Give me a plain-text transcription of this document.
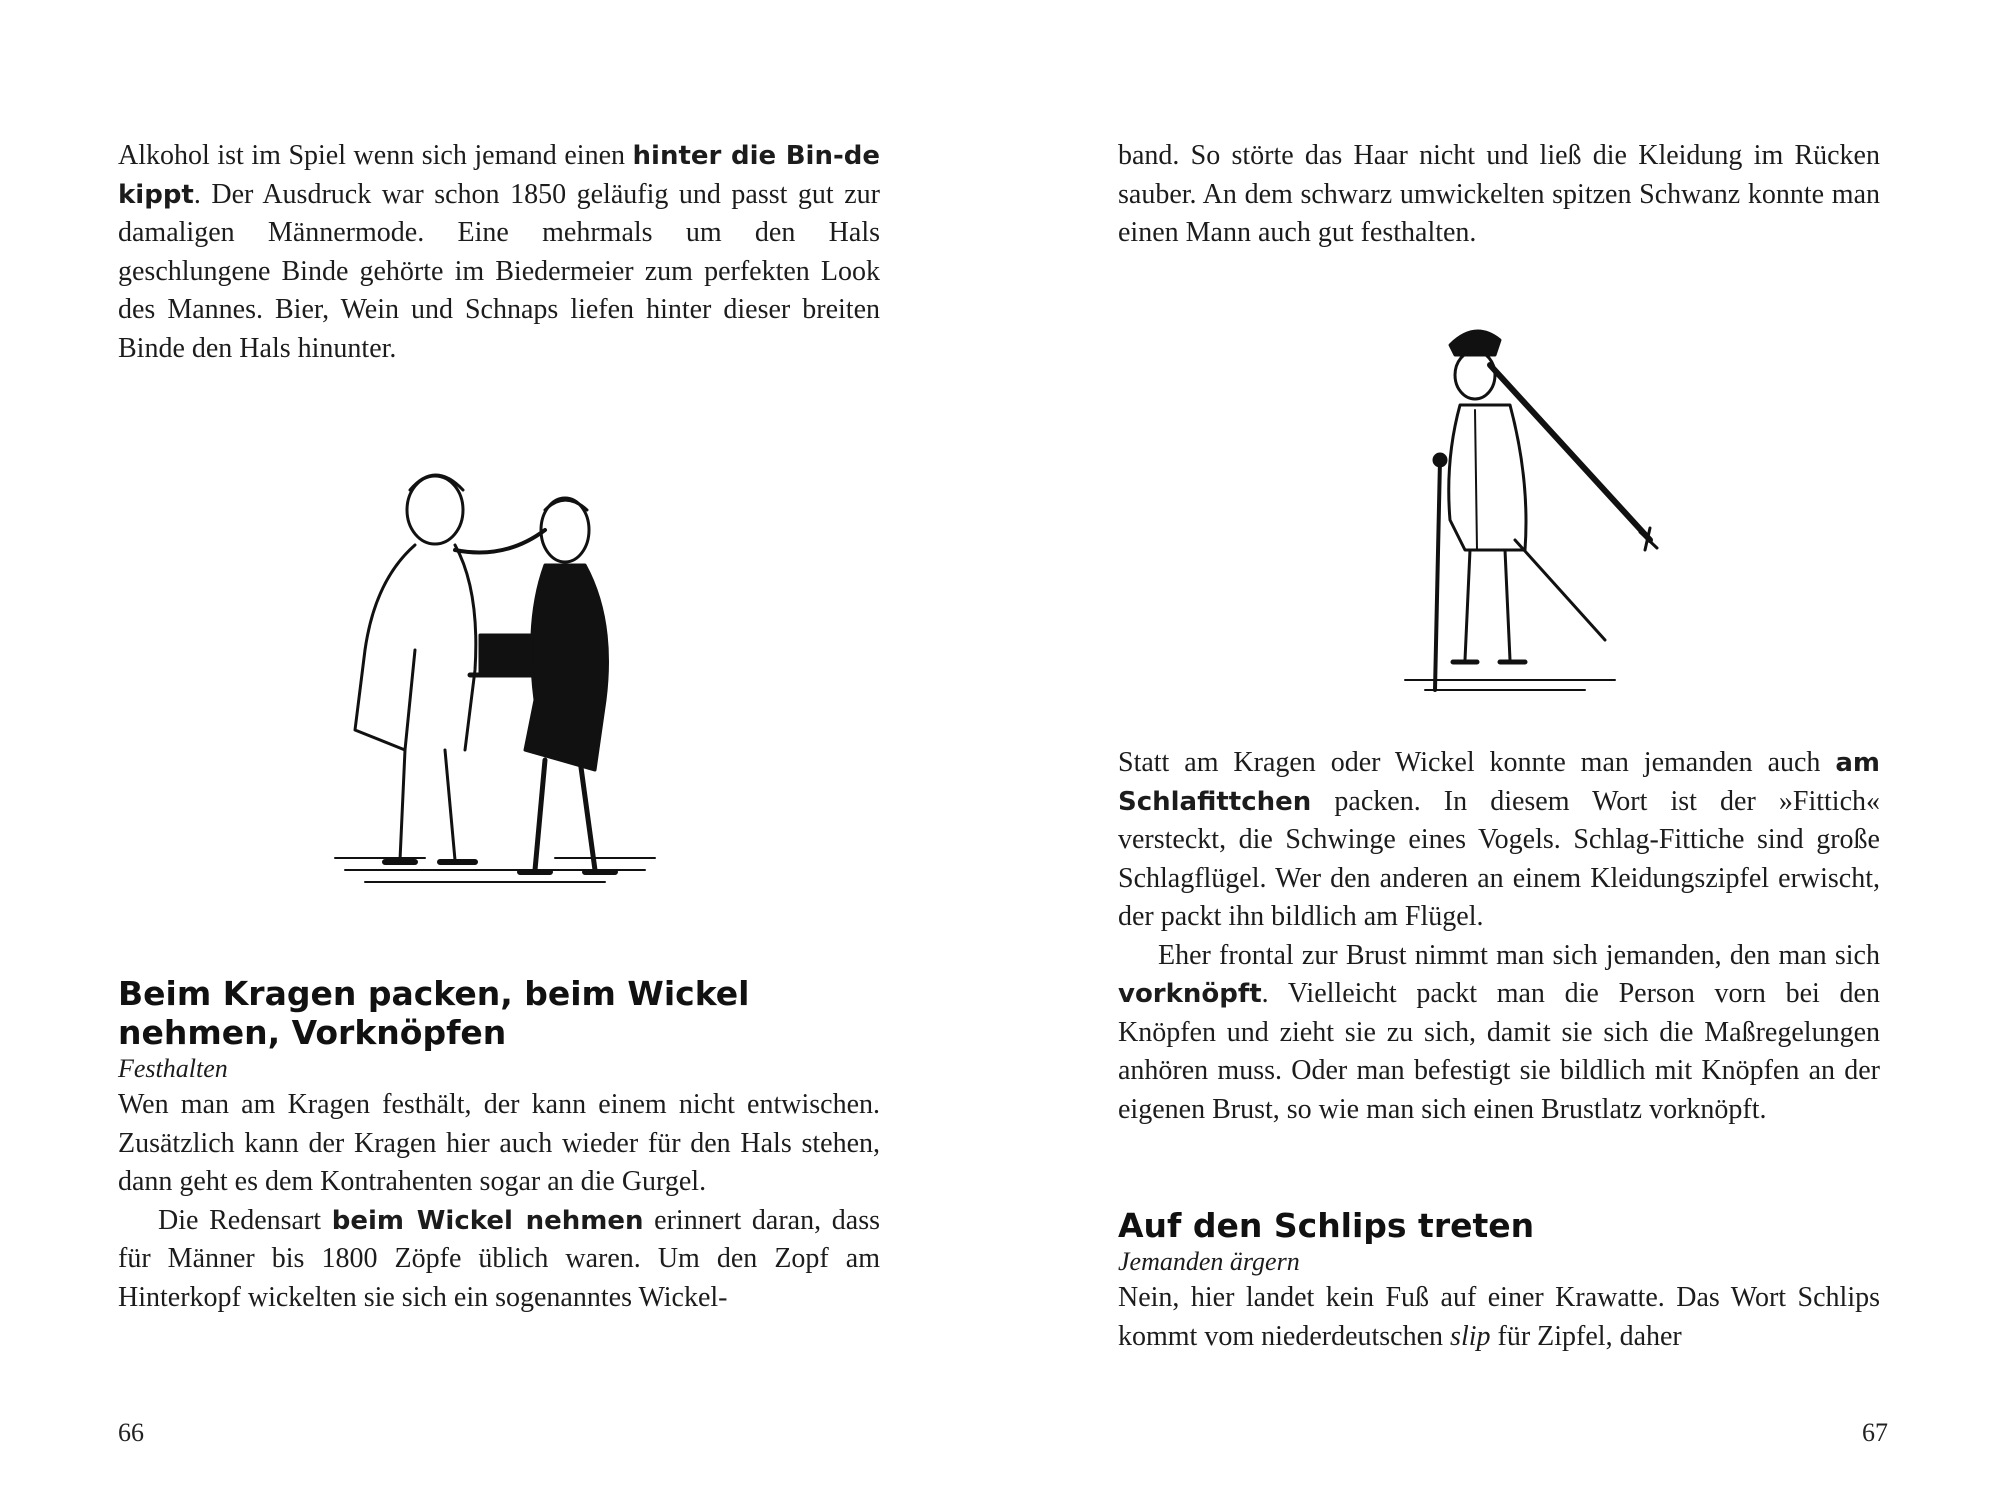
Alkohol ist im Spiel wenn sich jemand einen hinter die Bin-de kippt. Der Ausdruck war schon 1850 geläufig und passt gut zur damaligen Männermode. Eine mehrmals um den Hals geschlungene Binde gehörte im Biedermeier zum perfekten Look des Mannes. Bier, Wein und Schnaps liefen hinter dieser breiten Binde den Hals hinunter.

Beim Kragen packen, beim Wickel nehmen, Vorknöpfen
Festhalten

Wen man am Kragen festhält, der kann einem nicht entwischen. Zusätzlich kann der Kragen hier auch wieder für den Hals stehen, dann geht es dem Kontrahenten sogar an die Gurgel.

Die Redensart beim Wickel nehmen erinnert daran, dass für Männer bis 1800 Zöpfe üblich waren. Um den Zopf am Hinterkopf wickelten sie sich ein sogenanntes Wickel-

66

band. So störte das Haar nicht und ließ die Kleidung im Rücken sauber. An dem schwarz umwickelten spitzen Schwanz konnte man einen Mann auch gut festhalten.

Statt am Kragen oder Wickel konnte man jemanden auch am Schlafittchen packen. In diesem Wort ist der »Fittich« versteckt, die Schwinge eines Vogels. Schlag-Fittiche sind große Schlagflügel. Wer den anderen an einem Kleidungszipfel erwischt, der packt ihn bildlich am Flügel.

Eher frontal zur Brust nimmt man sich jemanden, den man sich vorknöpft. Vielleicht packt man die Person vorn bei den Knöpfen und zieht sie zu sich, damit sie sich die Maßregelungen anhören muss. Oder man befestigt sie bildlich mit Knöpfen an der eigenen Brust, so wie man sich einen Brustlatz vorknöpft.

Auf den Schlips treten
Jemanden ärgern

Nein, hier landet kein Fuß auf einer Krawatte. Das Wort Schlips kommt vom niederdeutschen slip für Zipfel, daher

67
